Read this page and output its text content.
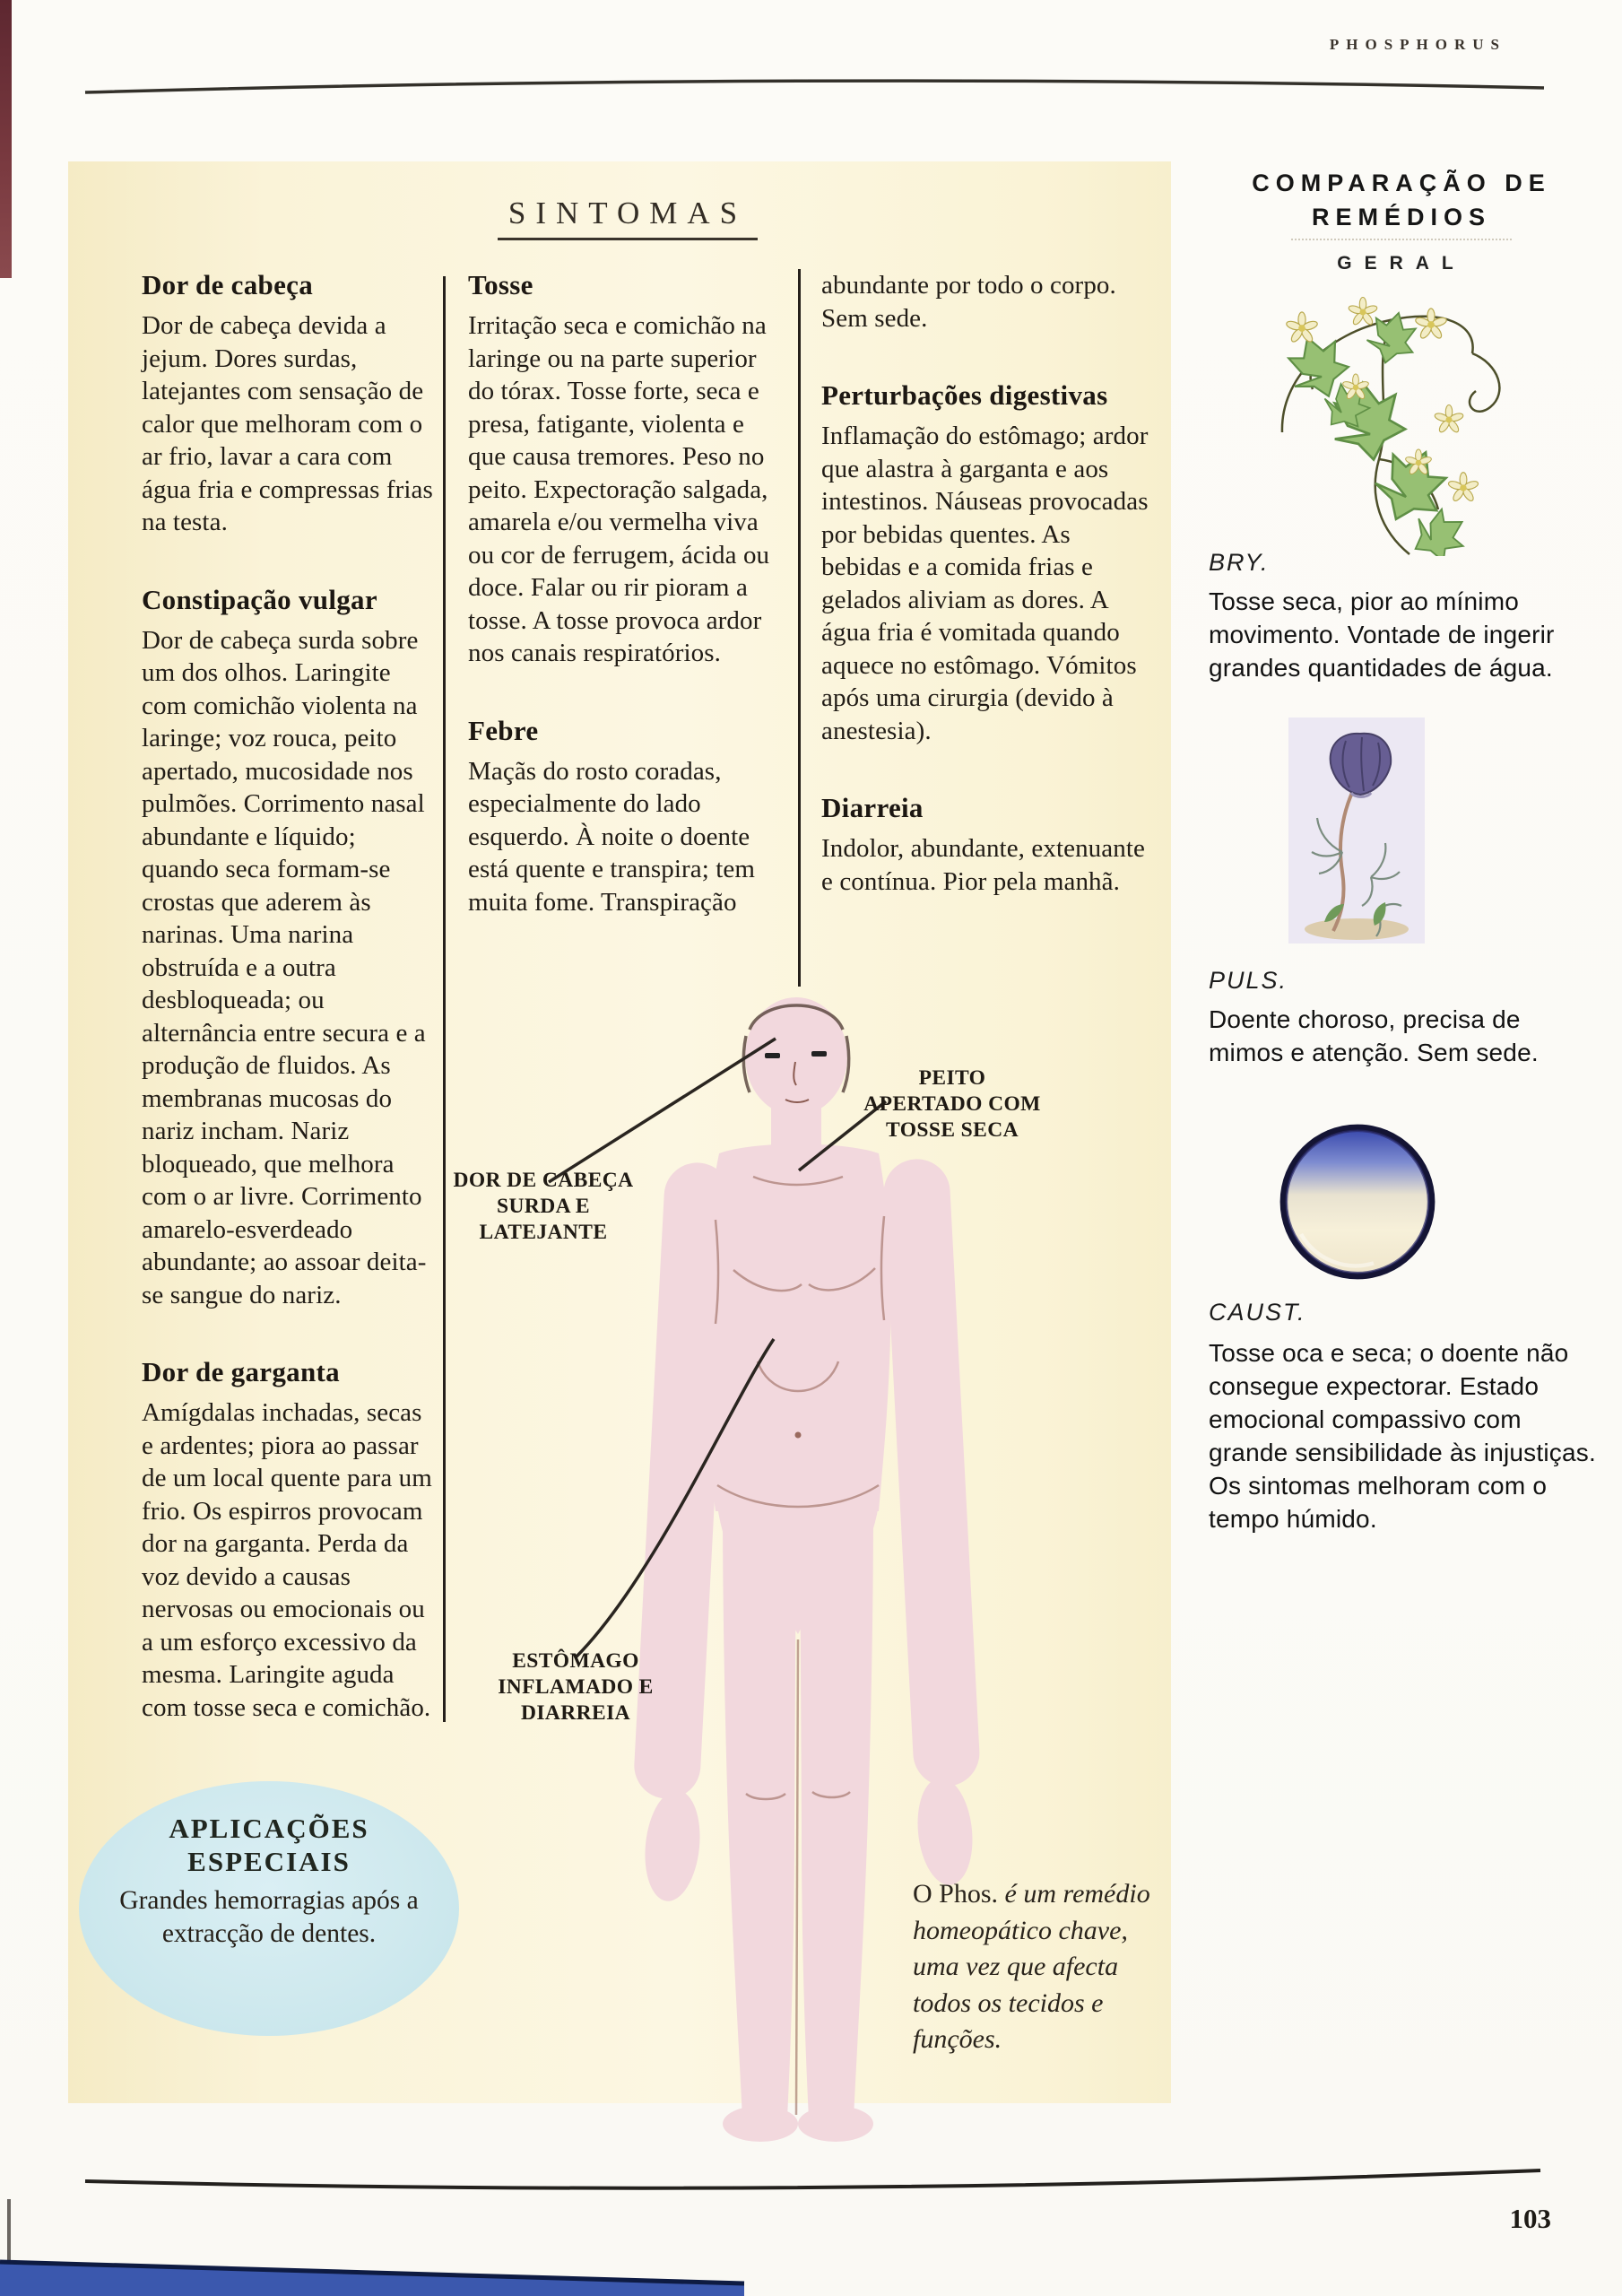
PHOSPHORUS
SINTOMAS
Dor de cabeça

Dor de cabeça devida a jejum. Dores surdas, latejantes com sensação de calor que melhoram com o ar frio, lavar a cara com água fria e compressas frias na testa.

Constipação vulgar

Dor de cabeça surda sobre um dos olhos. Laringite com comichão violenta na laringe; voz rouca, peito apertado, mucosidade nos pulmões. Corrimento nasal abundante e líquido; quando seca formam-se crostas que aderem às narinas. Uma narina obstruída e a outra desbloqueada; ou alternância entre secura e a produção de fluidos. As membranas mucosas do nariz incham. Nariz bloqueado, que melhora com o ar livre. Corrimento amarelo-esverdeado abundante; ao assoar deita-se sangue do nariz.

Dor de garganta

Amígdalas inchadas, secas e ardentes; piora ao passar de um local quente para um frio. Os espirros provocam dor na garganta. Perda da voz devido a causas nervosas ou emocionais ou a um esforço excessivo da mesma. Laringite aguda com tosse seca e comichão.

Tosse

Irritação seca e comichão na laringe ou na parte superior do tórax. Tosse forte, seca e presa, fatigante, violenta e que causa tremores. Peso no peito. Expectoração salgada, amarela e/ou vermelha viva ou cor de ferrugem, ácida ou doce. Falar ou rir pioram a tosse. A tosse provoca ardor nos canais respiratórios.

Febre

Maçãs do rosto coradas, especialmente do lado esquerdo. À noite o doente está quente e transpira; tem muita fome. Transpiração

abundante por todo o corpo. Sem sede.

Perturbações digestivas

Inflamação do estômago; ardor que alastra à garganta e aos intestinos. Náuseas provocadas por bebidas quentes. As bebidas e a comida frias e gelados aliviam as dores. A água fria é vomitada quando aquece no estômago. Vómitos após uma cirurgia (devido à anestesia).

Diarreia

Indolor, abundante, extenuante e contínua. Pior pela manhã.

DOR DE CABEÇA
SURDA E
LATEJANTE
PEITO
APERTADO COM
TOSSE SECA
ESTÔMAGO
INFLAMADO E
DIARREIA
APLICAÇÕES
ESPECIAIS
Grandes hemorragias após a extracção de dentes.
O Phos. é um remédio homeopático chave, uma vez que afecta todos os tecidos e funções.
COMPARAÇÃO DE
REMÉDIOS
GERAL
BRY.
Tosse seca, pior ao mínimo movimento. Vontade de ingerir grandes quantidades de água.
PULS.
Doente choroso, precisa de mimos e atenção. Sem sede.
CAUST.
Tosse oca e seca; o doente não consegue expectorar. Estado emocional compassivo com grande sensibilidade às injustiças. Os sintomas melhoram com o tempo húmido.
103
